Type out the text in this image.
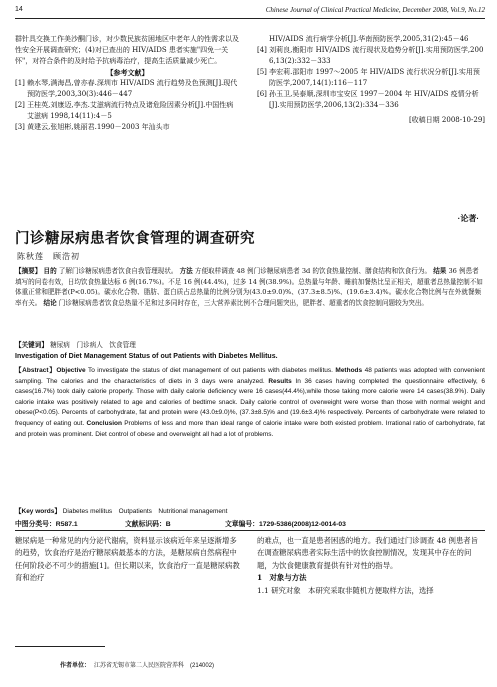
14	Chinese Journal of Clinical Practical Medicine, December 2008, Vol.9, No.12

群针具交换工作美沙酮门诊，对少数民族贫困地区中老年人的性需求以及性安全开展调查研究；(4)对已查出的 HIV/AIDS 患者实施"四免一关怀"，对符合条件的及时给予抗病毒治疗，提高生活质量减少死亡。

【参考文献】

[1] 赖水琴,满海昌,曾亦春.深圳市 HIV/AIDS 流行趋势及色预测[J].现代预防医学,2003,30(3):446－447

[2] 王桂英,刘康迈,李杰.艾滋病流行特点及诸危险因素分析[J].中国性病艾滋病 1998,14(11):4－5

[3] 黄建云,张旭彬,姚丽君.1990－2003 年汕头市

HIV/AIDS 流行病学分析[J].华南预防医学,2005,31(2):45－46

[4] 刘莉良,衡阳市 HIV/AIDS 流行现状及趋势分析[J].实用预防医学,2006,13(2):332－333

[5] 李宏莉.邵阳市 1997～2005 年 HIV/AIDS 流行状况分析[J].实用预防医学,2007,14(1):116－117

[6] 孙玉卫,吴泰顺,深圳市宝安区 1997－2004 年 HIV/AIDS 疫情分析[J].实用预防医学,2006,13(2):334－336

[收稿日期 2008-10-29]

·论著·
门诊糖尿病患者饮食管理的调查研究
陈秋莲　顾浩初
【摘要】 目的 了解门诊糖尿病患者饮食自我管理现状。 方法 方便取样调查 48 例门诊糖尿病患者 3d 的饮食热量控制、膳食结构和饮食行为。 结果 36 例患者填写的问卷有效，日均饮食热量达标 6 例(16.7%)。不足 16 例(44.4%)，过多 14 例(38.9%)。总热量与年龄、睡前加餐热比呈正相关，超重者总热量控制不如体重正常和肥胖者(P<0.05)。碳水化合物、脂肪、蛋白质占总热量的比例分别为(43.0±9.0)%、(37.3±8.5)%、(19.6±3.4)%。碳水化合物比例与在外就餐频率有关。 结论 门诊糖尿病患者饮食总热量不足和过多同时存在，三大营养素比例不合理问题突出，肥胖者、超重者的饮食控制问题较为突出。
【关键词】 糖尿病　门诊病人　饮食管理
Investigation of Diet Management Status of out Patients with Diabetes Mellitus.
【Abstract】Objective To investigate the status of diet management of out patients with diabetes mellitus. Methods 48 patients was adopted with convenient sampling. The calories and the characteristics of diets in 3 days were analyzed. Results In 36 cases having completed the questionnaire effectively, 6 cases(16.7%) took daily calorie properly. Those with daily calorie deficiency were 16 cases(44.4%),while those taking more calorie were 14 cases(38.9%). Daily calorie intake was positively related to age and calories of bedtime snack. Daily calorie control of overweight were worse than those with normal weight and obese(P<0.05). Percents of carbohydrate, fat and protein were (43.0±9.0)%, (37.3±8.5)% and (19.6±3.4)% respectively. Percents of carbohydrate were related to frequency of eating out. Conclusion Problems of less and more than ideal range of calorie intake were both existed problem. Irrational ratio of carbohydrate, fat and protein was prominent. Diet control of obese and overweight all had a lot of problems.
【Key words】 Diabetes mellitus　Outpatients　Nutritional management
中图分类号：R587.1	文献标识码：B	文章编号：1729-5386(2008)12-0014-03
糖尿病是一种常见的内分泌代谢病，资料显示该病近年来呈逐渐增多的趋势，饮食治疗是治疗糖尿病最基本的方法，是糖尿病自然病程中任何阶段必不可少的措施[1]。但长期以来，饮食治疗一直是糖尿病教育和治疗
的难点，也一直是患者困惑的地方。我们通过门诊调查 48 例患者旨在调查糖尿病患者实际生活中的饮食控制情况，发现其中存在的问题，为饮食健康教育提供有针对性的指导。
1　对象与方法
1.1 研究对象　本研究采取非随机方便取样方法，选择
作者单位： 江苏省无锡市第二人民医院营养科　(214002)
